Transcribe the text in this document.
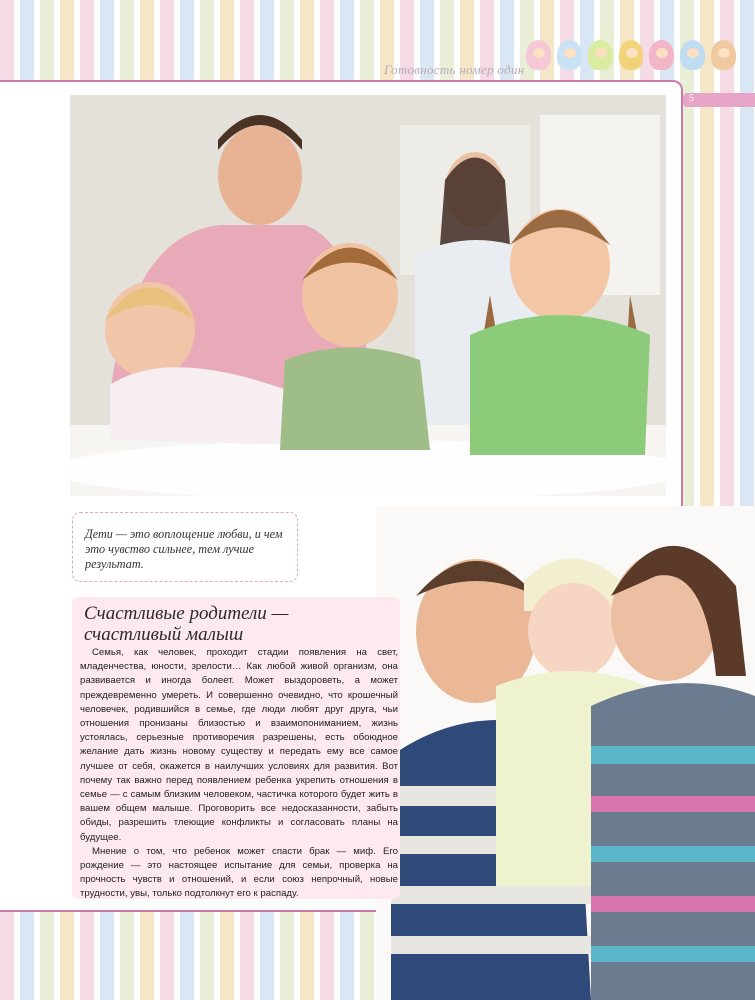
Готовность номер один
5
Дети — это воплощение любви, и чем это чувство сильнее, тем лучше результат.
Счастливые родители —
счастливый малыш

Семья, как человек, проходит стадии появления на свет, младенчества, юности, зрелости… Как любой живой организм, она развивается и иногда болеет. Может выздороветь, а может преждевременно умереть. И совершенно очевидно, что крошечный человечек, родившийся в семье, где люди любят друг друга, чьи отношения пронизаны близостью и взаимопониманием, жизнь устоялась, серьезные противоречия разрешены, есть обоюдное желание дать жизнь новому существу и передать ему все самое лучшее от себя, окажется в наилучших условиях для развития. Вот почему так важно перед появлением ребенка укрепить отношения в семье — с самым близким человеком, частичка которого будет жить в вашем общем малыше. Проговорить все недосказанности, забыть обиды, разрешить тлеющие конфликты и согласовать планы на будущее.

Мнение о том, что ребенок может спасти брак — миф. Его рождение — это настоящее испытание для семьи, проверка на прочность чувств и отношений, и если союз непрочный, новые трудности, увы, только подтолкнут его к распаду.
